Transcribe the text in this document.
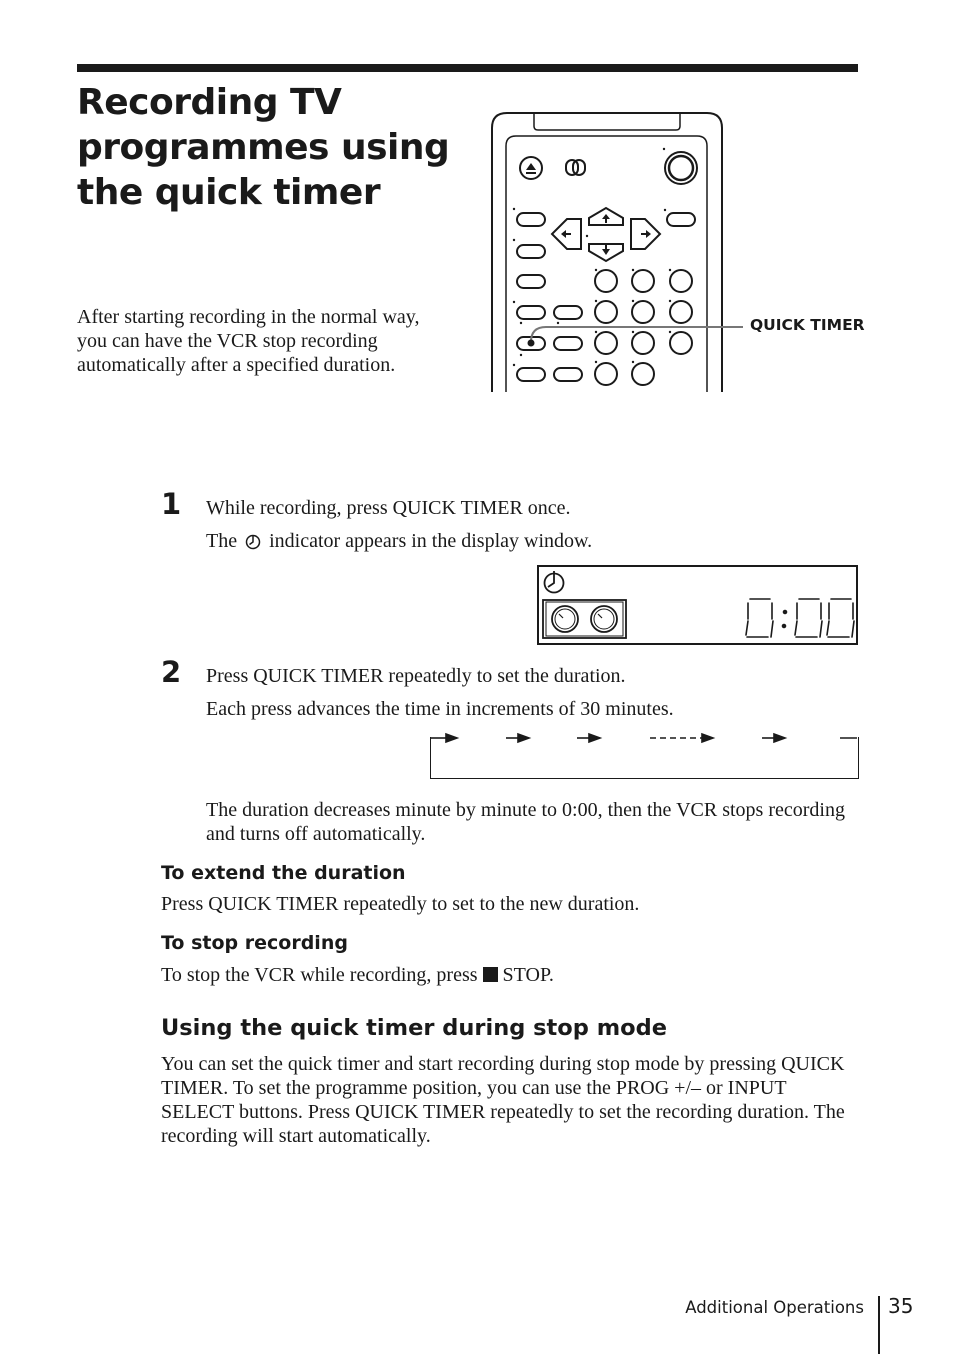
Recording TV programmes using the quick timer
After starting recording in the normal way, you can have the VCR stop recording automatically after a specified duration.
QUICK TIMER
1 While recording, press QUICK TIMER once.
The indicator appears in the display window.
2 Press QUICK TIMER repeatedly to set the duration.
Each press advances the time in increments of 30 minutes.
The duration decreases minute by minute to 0:00, then the VCR stops recording and turns off automatically.
To extend the duration
Press QUICK TIMER repeatedly to set to the new duration.
To stop recording
To stop the VCR while recording, press STOP.
Using the quick timer during stop mode
You can set the quick timer and start recording during stop mode by pressing QUICK TIMER. To set the programme position, you can use the PROG +/– or INPUT SELECT buttons. Press QUICK TIMER repeatedly to set the recording duration. The recording will start automatically.
Additional Operations 35
